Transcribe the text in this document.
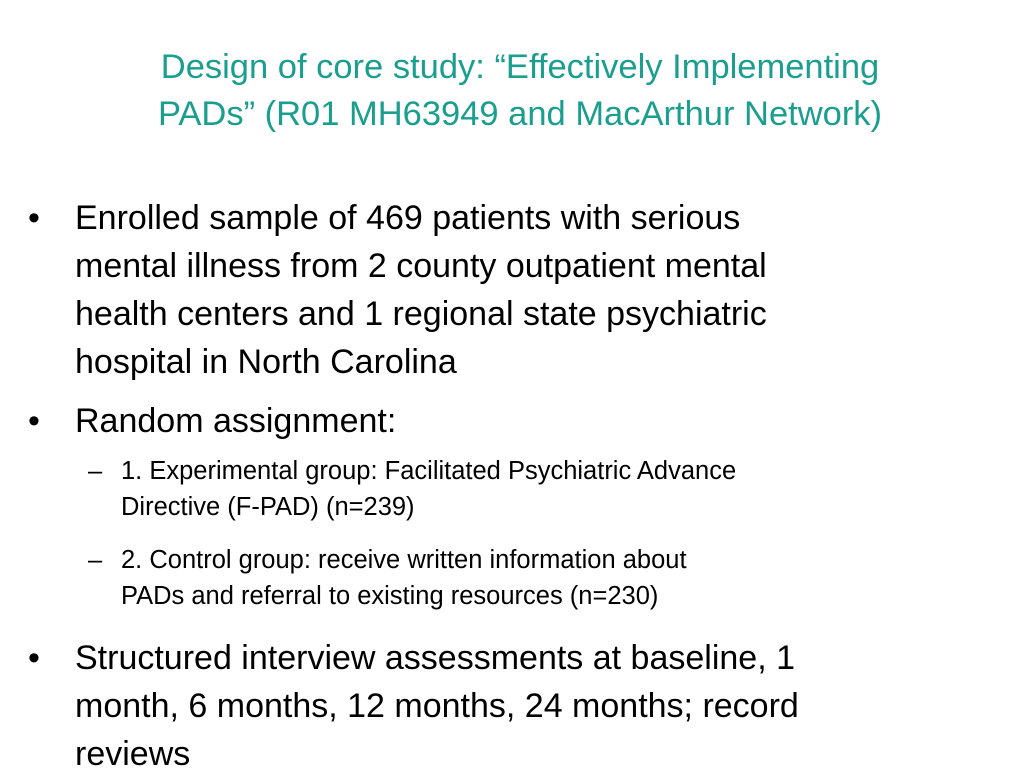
Design of core study: “Effectively Implementing
PADs” (R01 MH63949 and MacArthur Network)
•	Enrolled sample of 469 patients with serious
mental illness from 2 county outpatient mental
health centers and 1 regional state psychiatric
hospital in North Carolina
•	Random assignment:
– 1. Experimental group: Facilitated Psychiatric Advance
Directive (F-PAD) (n=239)
– 2. Control group: receive written information about
PADs and referral to existing resources (n=230)
•	Structured interview assessments at baseline, 1
month, 6 months, 12 months, 24 months; record
reviews
